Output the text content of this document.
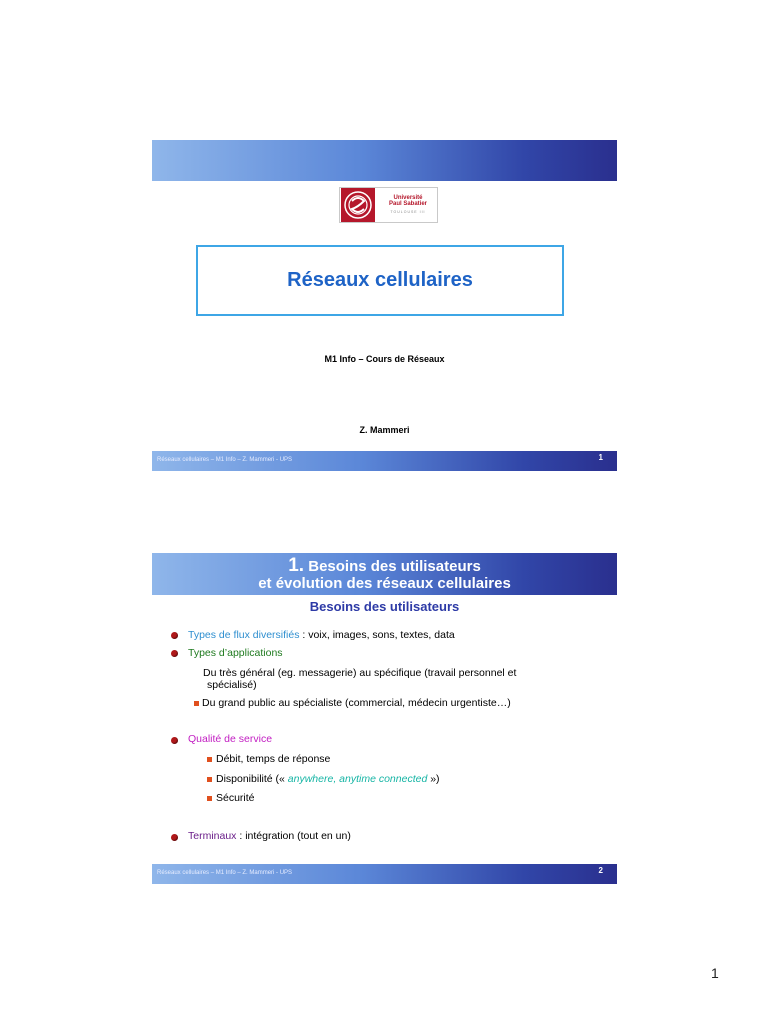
Université
Paul Sabatier
TOULOUSE III
Réseaux cellulaires
M1 Info – Cours de Réseaux
Z. Mammeri
Réseaux cellulaires – M1 Info – Z. Mammeri - UPS	1
1. Besoins des utilisateurs
et évolution des réseaux cellulaires
Besoins des utilisateurs
Types de flux diversifiés : voix, images, sons, textes, data
Types d’applications
Du très général (eg. messagerie) au spécifique (travail personnel et
spécialisé)
Du grand public au spécialiste (commercial, médecin urgentiste…)
Qualité de service
Débit, temps de réponse
Disponibilité (« anywhere, anytime connected »)
Sécurité
Terminaux : intégration (tout en un)
Réseaux cellulaires – M1 Info – Z. Mammeri - UPS	2
1
